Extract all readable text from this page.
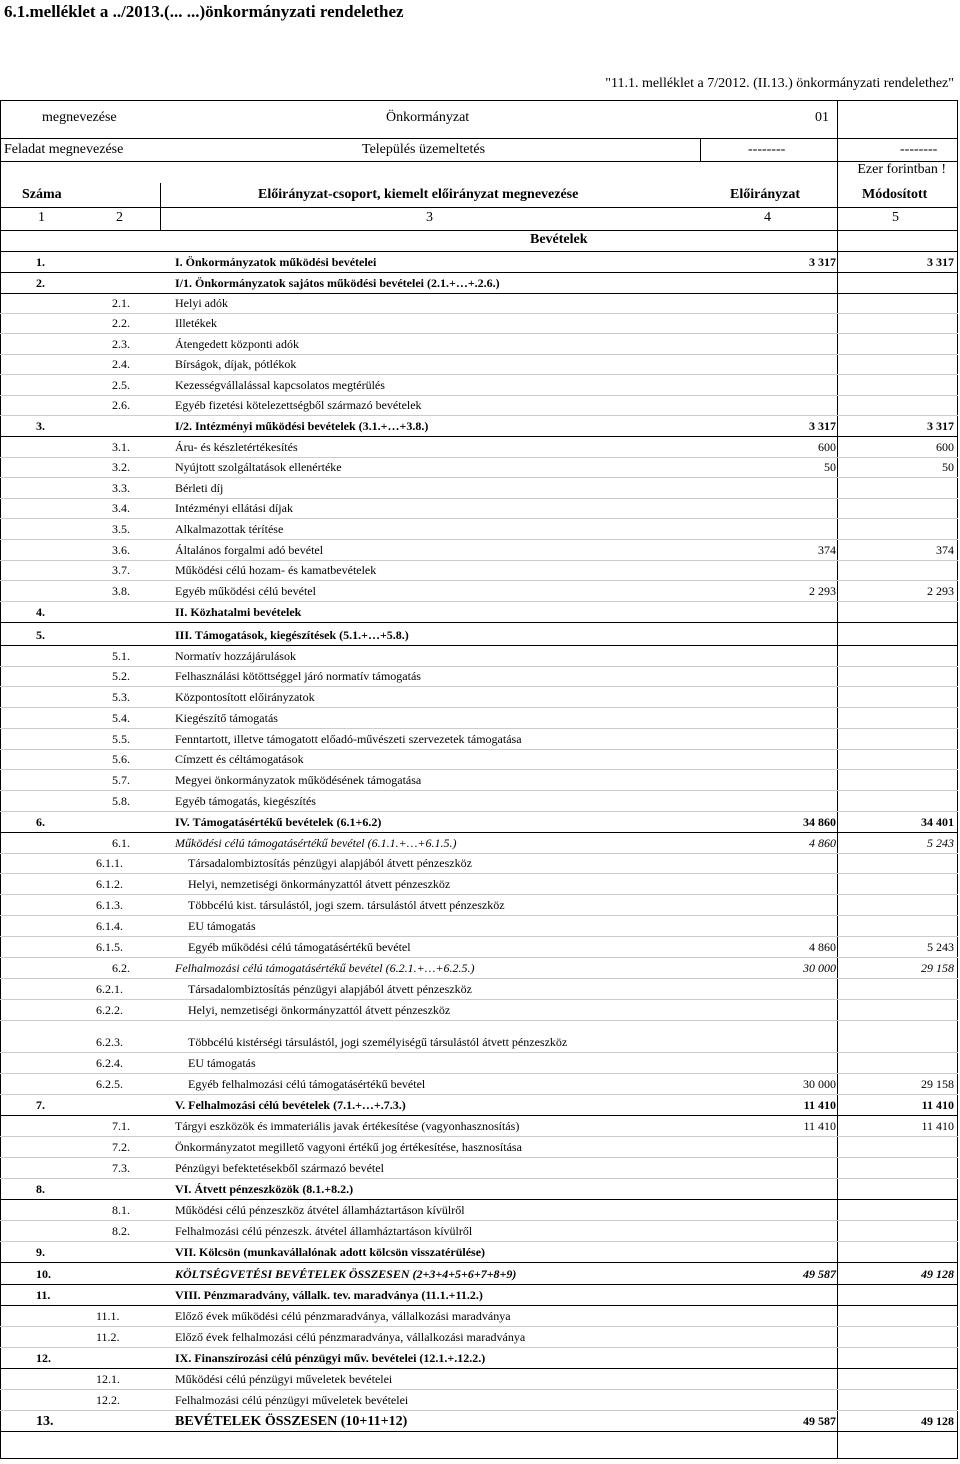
6.1.melléklet a ../2013.(... ...)önkormányzati rendelethez
"11.1. melléklet a 7/2012. (II.13.) önkormányzati rendelethez"
megnevezése	Önkormányzat	01
Feladat megnevezése	Település üzemeltetés	--------	--------
Ezer forintban !
Száma	Előirányzat-csoport, kiemelt előirányzat megnevezése	Előirányzat	Módosított
1	2	3	4	5
Bevételek
1.	I. Önkormányzatok működési bevételei	3 317	3 317
2.	I/1. Önkormányzatok sajátos működési bevételei (2.1.+…+.2.6.)
2.1.	Helyi adók
2.2.	Illetékek
2.3.	Átengedett központi adók
2.4.	Bírságok, díjak, pótlékok
2.5.	Kezességvállalással kapcsolatos megtérülés
2.6.	Egyéb fizetési kötelezettségből származó bevételek
3.	I/2. Intézményi működési bevételek (3.1.+…+3.8.)	3 317	3 317
3.1.	Áru- és készletértékesítés	600	600
3.2.	Nyújtott szolgáltatások ellenértéke	50	50
3.3.	Bérleti díj
3.4.	Intézményi ellátási díjak
3.5.	Alkalmazottak térítése
3.6.	Általános forgalmi adó bevétel	374	374
3.7.	Működési célú hozam- és kamatbevételek
3.8.	Egyéb működési célú bevétel	2 293	2 293
4.	II. Közhatalmi bevételek
5.	III. Támogatások, kiegészítések (5.1.+…+5.8.)
5.1.	Normatív hozzájárulások
5.2.	Felhasználási kötöttséggel járó normatív támogatás
5.3.	Központosított előirányzatok
5.4.	Kiegészítő támogatás
5.5.	Fenntartott, illetve támogatott előadó-művészeti szervezetek támogatása
5.6.	Címzett és céltámogatások
5.7.	Megyei önkormányzatok működésének támogatása
5.8.	Egyéb támogatás, kiegészítés
6.	IV. Támogatásértékű bevételek (6.1+6.2)	34 860	34 401
6.1.	Működési célú támogatásértékű bevétel (6.1.1.+…+6.1.5.)	4 860	5 243
6.1.1.	Társadalombiztosítás pénzügyi alapjából átvett pénzeszköz
6.1.2.	Helyi, nemzetiségi önkormányzattól átvett pénzeszköz
6.1.3.	Többcélú kist. társulástól, jogi szem. társulástól átvett pénzeszköz
6.1.4.	EU támogatás
6.1.5.	Egyéb működési célú támogatásértékű bevétel	4 860	5 243
6.2.	Felhalmozási célú támogatásértékű bevétel (6.2.1.+…+6.2.5.)	30 000	29 158
6.2.1.	Társadalombiztosítás pénzügyi alapjából átvett pénzeszköz
6.2.2.	Helyi, nemzetiségi önkormányzattól átvett pénzeszköz
6.2.3.	Többcélú kistérségi társulástól, jogi személyiségű társulástól átvett pénzeszköz
6.2.4.	EU támogatás
6.2.5.	Egyéb felhalmozási célú támogatásértékű bevétel	30 000	29 158
7.	V. Felhalmozási célú bevételek (7.1.+…+.7.3.)	11 410	11 410
7.1.	Tárgyi eszközök és immateriális javak értékesítése (vagyonhasznosítás)	11 410	11 410
7.2.	Önkormányzatot megillető vagyoni értékű jog értékesítése, hasznosítása
7.3.	Pénzügyi befektetésekből származó bevétel
8.	VI. Átvett pénzeszközök (8.1.+8.2.)
8.1.	Működési célú pénzeszköz átvétel államháztartáson kívülről
8.2.	Felhalmozási célú pénzeszk. átvétel államháztartáson kívülről
9.	VII. Kölcsön (munkavállalónak adott kölcsön visszatérülése)
10.	KÖLTSÉGVETÉSI BEVÉTELEK ÖSSZESEN (2+3+4+5+6+7+8+9)	49 587	49 128
11.	VIII. Pénzmaradvány, vállalk. tev. maradványa (11.1.+11.2.)
11.1.	Előző évek működési célú pénzmaradványa, vállalkozási maradványa
11.2.	Előző évek felhalmozási célú pénzmaradványa, vállalkozási maradványa
12.	IX. Finanszírozási célú pénzügyi műv. bevételei (12.1.+.12.2.)
12.1.	Működési célú pénzügyi műveletek bevételei
12.2.	Felhalmozási célú pénzügyi műveletek bevételei
13.	BEVÉTELEK ÖSSZESEN (10+11+12)	49 587	49 128
